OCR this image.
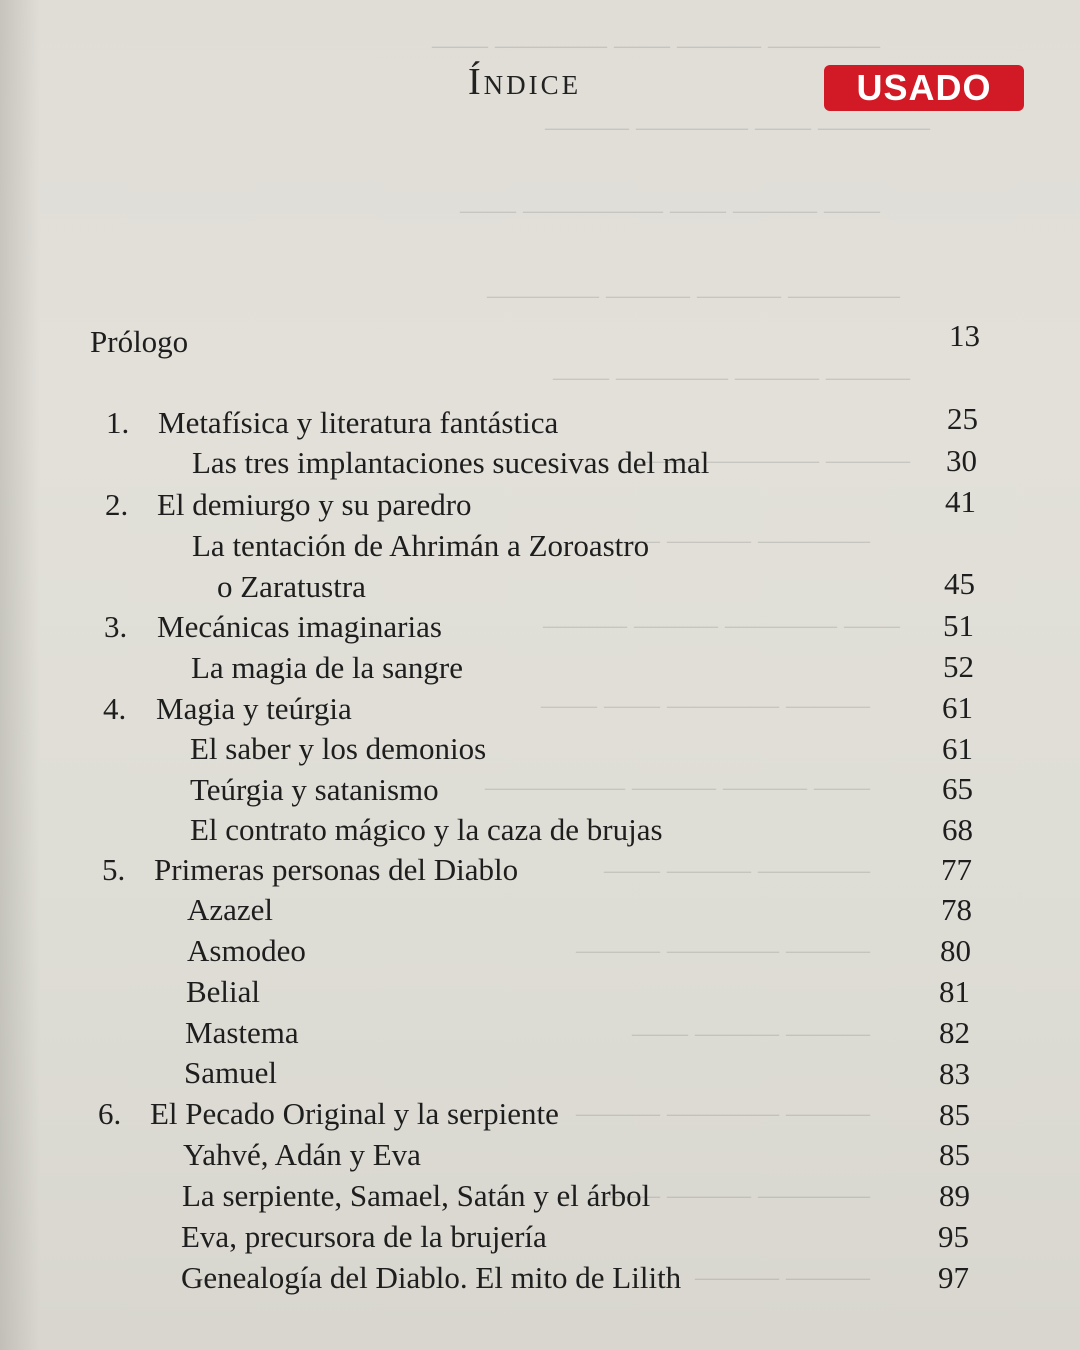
———— ——— —— ———— ——
———— —— ———— ———
—— ——— —— ————— ——
———— ——— ——— ————
——— ——— ———— ——
——— ———— ——
———— ——— ——
—— ———— ——— ———
——— ———— —— ——
—— ——— ——— —————
———— ——— ——
——— ———— ———
——— ——— ——
——— ———— ———
———— ——— ——
——— ———
Índice	USADO
Prólogo	13
1. Metafísica y literatura fantástica	25
Las tres implantaciones sucesivas del mal	30
2. El demiurgo y su paredro	41
La tentación de Ahrimán a Zoroastro
o Zaratustra	45
3. Mecánicas imaginarias	51
La magia de la sangre	52
4. Magia y teúrgia	61
El saber y los demonios	61
Teúrgia y satanismo	65
El contrato mágico y la caza de brujas	68
5. Primeras personas del Diablo	77
Azazel	78
Asmodeo	80
Belial	81
Mastema	82
Samuel	83
6. El Pecado Original y la serpiente	85
Yahvé, Adán y Eva	85
La serpiente, Samael, Satán y el árbol	89
Eva, precursora de la brujería	95
Genealogía del Diablo. El mito de Lilith	97
